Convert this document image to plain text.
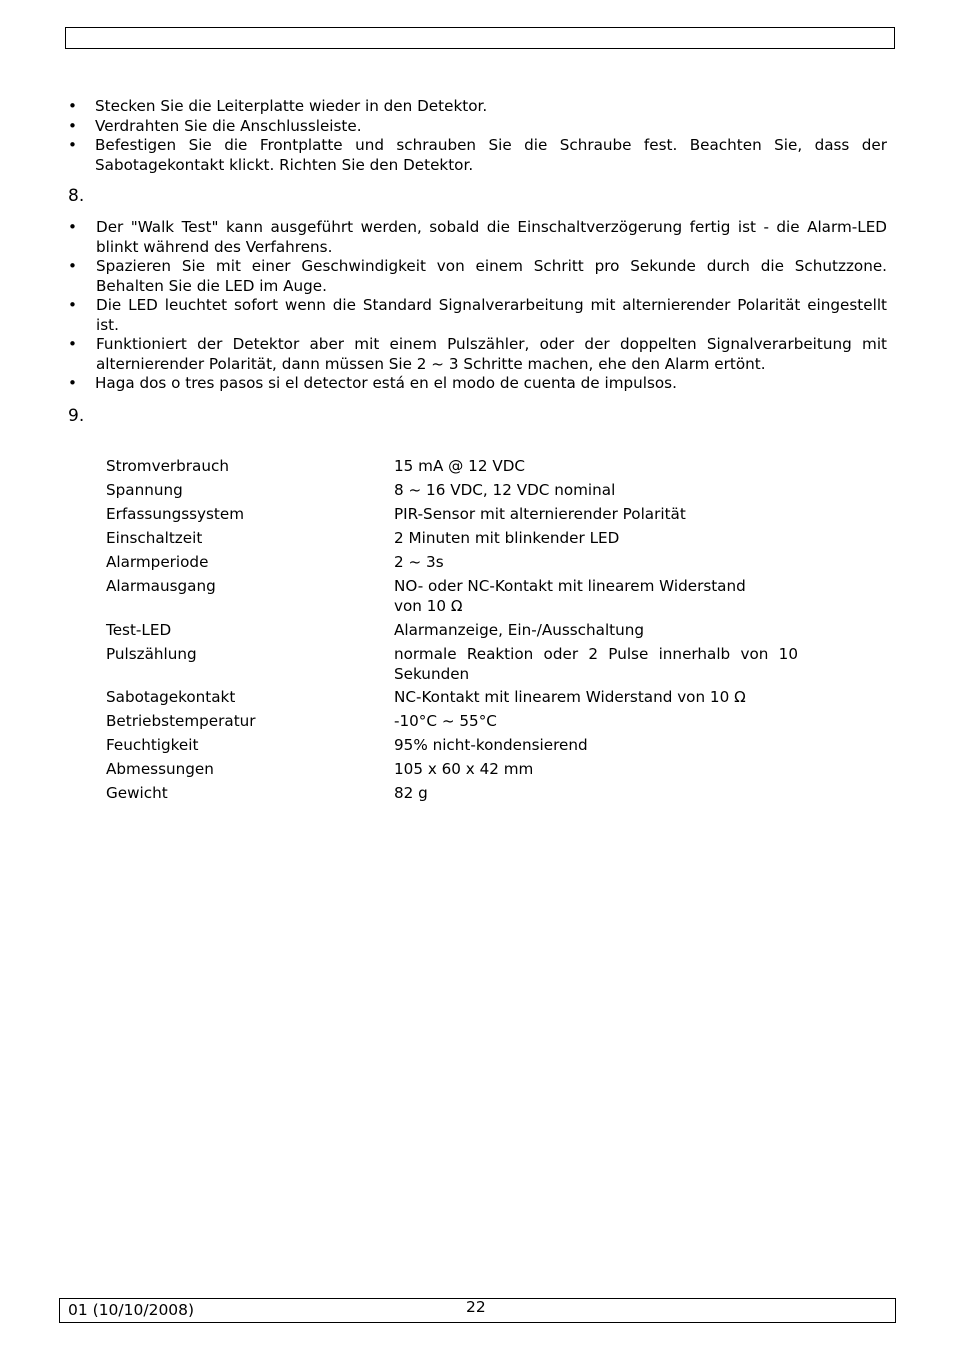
• Stecken Sie die Leiterplatte wieder in den Detektor.
• Verdrahten Sie die Anschlussleiste.
• Befestigen Sie die Frontplatte und schrauben Sie die Schraube fest. Beachten Sie, dass der Sabotagekontakt klickt. Richten Sie den Detektor.
8.
• Der "Walk Test" kann ausgeführt werden, sobald die Einschaltverzögerung fertig ist - die Alarm-LED blinkt während des Verfahrens.
• Spazieren Sie mit einer Geschwindigkeit von einem Schritt pro Sekunde durch die Schutzzone. Behalten Sie die LED im Auge.
• Die LED leuchtet sofort wenn die Standard Signalverarbeitung mit alternierender Polarität eingestellt ist.
• Funktioniert der Detektor aber mit einem Pulszähler, oder der doppelten Signalverarbeitung mit alternierender Polarität, dann müssen Sie 2 ~ 3 Schritte machen, ehe den Alarm ertönt.
• Haga dos o tres pasos si el detector está en el modo de cuenta de impulsos.
9.
Stromverbrauch	15 mA @ 12 VDC
Spannung	8 ~ 16 VDC, 12 VDC nominal
Erfassungssystem	PIR-Sensor mit alternierender Polarität
Einschaltzeit	2 Minuten mit blinkender LED
Alarmperiode	2 ~ 3s
Alarmausgang	NO- oder NC-Kontakt mit linearem Widerstand von 10 Ω
Test-LED	Alarmanzeige, Ein-/Ausschaltung
Pulszählung	normale Reaktion oder 2 Pulse innerhalb von 10 Sekunden
Sabotagekontakt	NC-Kontakt mit linearem Widerstand von 10 Ω
Betriebstemperatur	-10°C ~ 55°C
Feuchtigkeit	95% nicht-kondensierend
Abmessungen	105 x 60 x 42 mm
Gewicht	82 g
01 (10/10/2008)	22
